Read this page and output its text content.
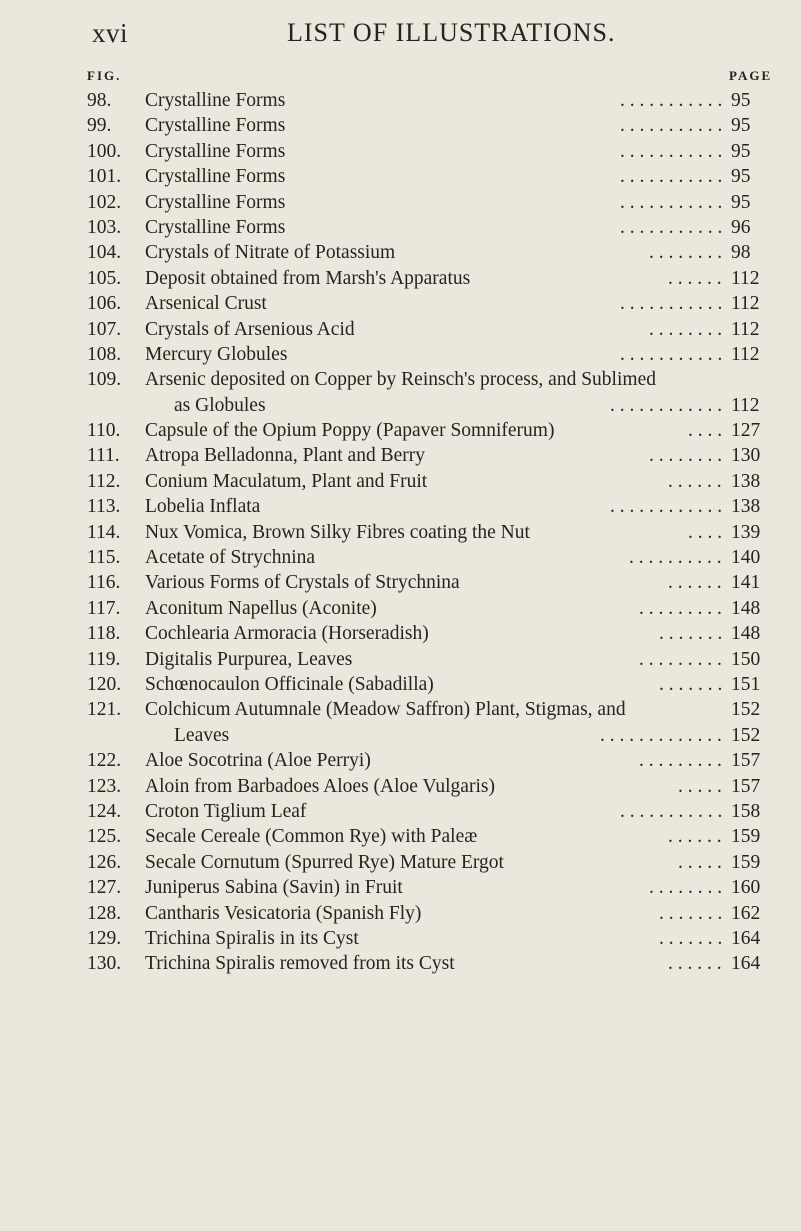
xvi	LIST OF ILLUSTRATIONS.
FIG.	PAGE
98.	Crystalline Forms	. . . . . . . . . . . 95
99.	Crystalline Forms	. . . . . . . . . . . 95
100.	Crystalline Forms	. . . . . . . . . . . 95
101.	Crystalline Forms	. . . . . . . . . . . 95
102.	Crystalline Forms	. . . . . . . . . . . 95
103.	Crystalline Forms	. . . . . . . . . . . 96
104.	Crystals of Nitrate of Potassium	. . . . . . . . 98
105.	Deposit obtained from Marsh's Apparatus	. . . . . . 112
106.	Arsenical Crust	. . . . . . . . . . . 112
107.	Crystals of Arsenious Acid	. . . . . . . . 112
108.	Mercury Globules	. . . . . . . . . . . 112
109.	Arsenic deposited on Copper by Reinsch's process, and Sublimed
as Globules	. . . . . . . . . . . . 112
110.	Capsule of the Opium Poppy (Papaver Somniferum)	. . . . 127
111.	Atropa Belladonna, Plant and Berry	. . . . . . . . 130
112.	Conium Maculatum, Plant and Fruit	. . . . . . 138
113.	Lobelia Inflata	. . . . . . . . . . . . 138
114.	Nux Vomica, Brown Silky Fibres coating the Nut	. . . . 139
115.	Acetate of Strychnina	. . . . . . . . . . 140
116.	Various Forms of Crystals of Strychnina	. . . . . . 141
117.	Aconitum Napellus (Aconite)	. . . . . . . . . 148
118.	Cochlearia Armoracia (Horseradish)	. . . . . . . 148
119.	Digitalis Purpurea, Leaves	. . . . . . . . . 150
120.	Schœnocaulon Officinale (Sabadilla)	. . . . . . . 151
121.	Colchicum Autumnale (Meadow Saffron) Plant, Stigmas, and	152
Leaves	. . . . . . . . . . . . . 152
122.	Aloe Socotrina (Aloe Perryi)	. . . . . . . . . 157
123.	Aloin from Barbadoes Aloes (Aloe Vulgaris)	. . . . . 157
124.	Croton Tiglium Leaf	. . . . . . . . . . . 158
125.	Secale Cereale (Common Rye) with Paleæ	. . . . . . 159
126.	Secale Cornutum (Spurred Rye) Mature Ergot	. . . . . 159
127.	Juniperus Sabina (Savin) in Fruit	. . . . . . . . 160
128.	Cantharis Vesicatoria (Spanish Fly)	. . . . . . . 162
129.	Trichina Spiralis in its Cyst	. . . . . . . 164
130.	Trichina Spiralis removed from its Cyst	. . . . . . 164
